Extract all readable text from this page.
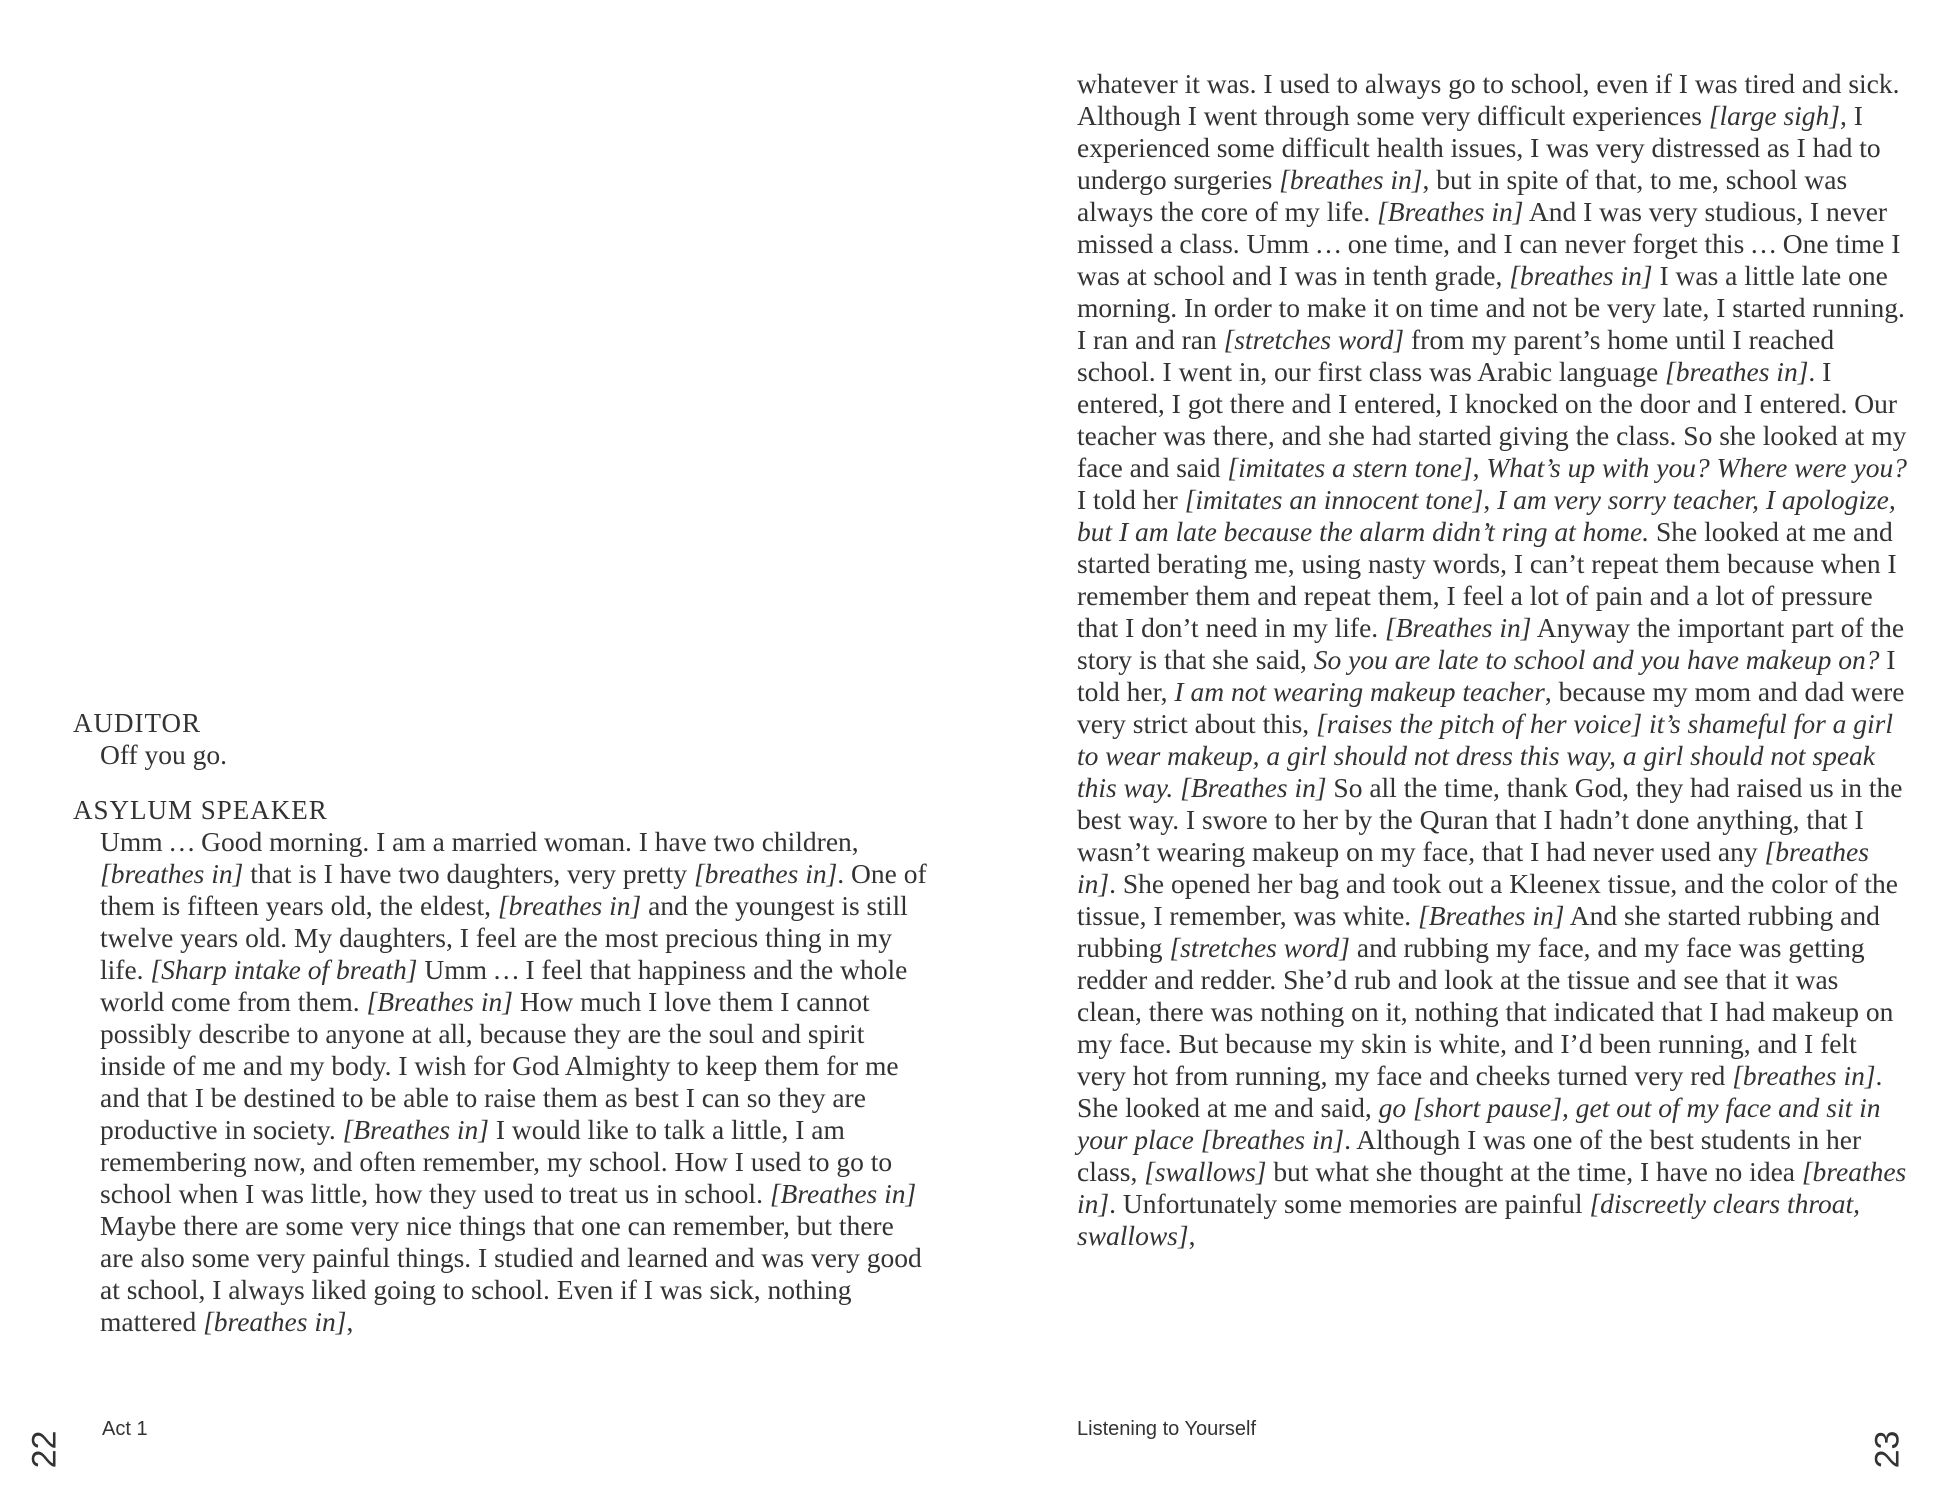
AUDITOR
Off you go.
ASYLUM SPEAKER
Umm … Good morning. I am a married woman. I have two children, [breathes in] that is I have two daughters, very pretty [breathes in]. One of them is fifteen years old, the eldest, [breathes in] and the youngest is still twelve years old. My daughters, I feel are the most precious thing in my life. [Sharp intake of breath] Umm … I feel that happiness and the whole world come from them. [Breathes in] How much I love them I cannot possibly describe to anyone at all, because they are the soul and spirit inside of me and my body. I wish for God Almighty to keep them for me and that I be destined to be able to raise them as best I can so they are productive in society. [Breathes in] I would like to talk a little, I am remembering now, and often remember, my school. How I used to go to school when I was little, how they used to treat us in school. [Breathes in] Maybe there are some very nice things that one can remember, but there are also some very painful things. I studied and learned and was very good at school, I always liked going to school. Even if I was sick, nothing mattered [breathes in],
22
Act 1
whatever it was. I used to always go to school, even if I was tired and sick. Although I went through some very difficult experiences [large sigh], I experienced some difficult health issues, I was very distressed as I had to undergo surgeries [breathes in], but in spite of that, to me, school was always the core of my life. [Breathes in] And I was very studious, I never missed a class. Umm … one time, and I can never forget this … One time I was at school and I was in tenth grade, [breathes in] I was a little late one morning. In order to make it on time and not be very late, I started running. I ran and ran [stretches word] from my parent’s home until I reached school. I went in, our first class was Arabic language [breathes in]. I entered, I got there and I entered, I knocked on the door and I entered. Our teacher was there, and she had started giving the class. So she looked at my face and said [imitates a stern tone], What’s up with you? Where were you? I told her [imitates an innocent tone], I am very sorry teacher, I apologize, but I am late because the alarm didn’t ring at home. She looked at me and started berating me, using nasty words, I can’t repeat them because when I remember them and repeat them, I feel a lot of pain and a lot of pressure that I don’t need in my life. [Breathes in] Anyway the important part of the story is that she said, So you are late to school and you have makeup on? I told her, I am not wearing makeup teacher, because my mom and dad were very strict about this, [raises the pitch of her voice] it’s shameful for a girl to wear makeup, a girl should not dress this way, a girl should not speak this way. [Breathes in] So all the time, thank God, they had raised us in the best way. I swore to her by the Quran that I hadn’t done anything, that I wasn’t wearing makeup on my face, that I had never used any [breathes in]. She opened her bag and took out a Kleenex tissue, and the color of the tissue, I remember, was white. [Breathes in] And she started rubbing and rubbing [stretches word] and rubbing my face, and my face was getting redder and redder. She’d rub and look at the tissue and see that it was clean, there was nothing on it, nothing that indicated that I had makeup on my face. But because my skin is white, and I’d been running, and I felt very hot from running, my face and cheeks turned very red [breathes in]. She looked at me and said, go [short pause], get out of my face and sit in your place [breathes in]. Although I was one of the best students in her class, [swallows] but what she thought at the time, I have no idea [breathes in]. Unfortunately some memories are painful [discreetly clears throat, swallows],
Listening to Yourself
23
